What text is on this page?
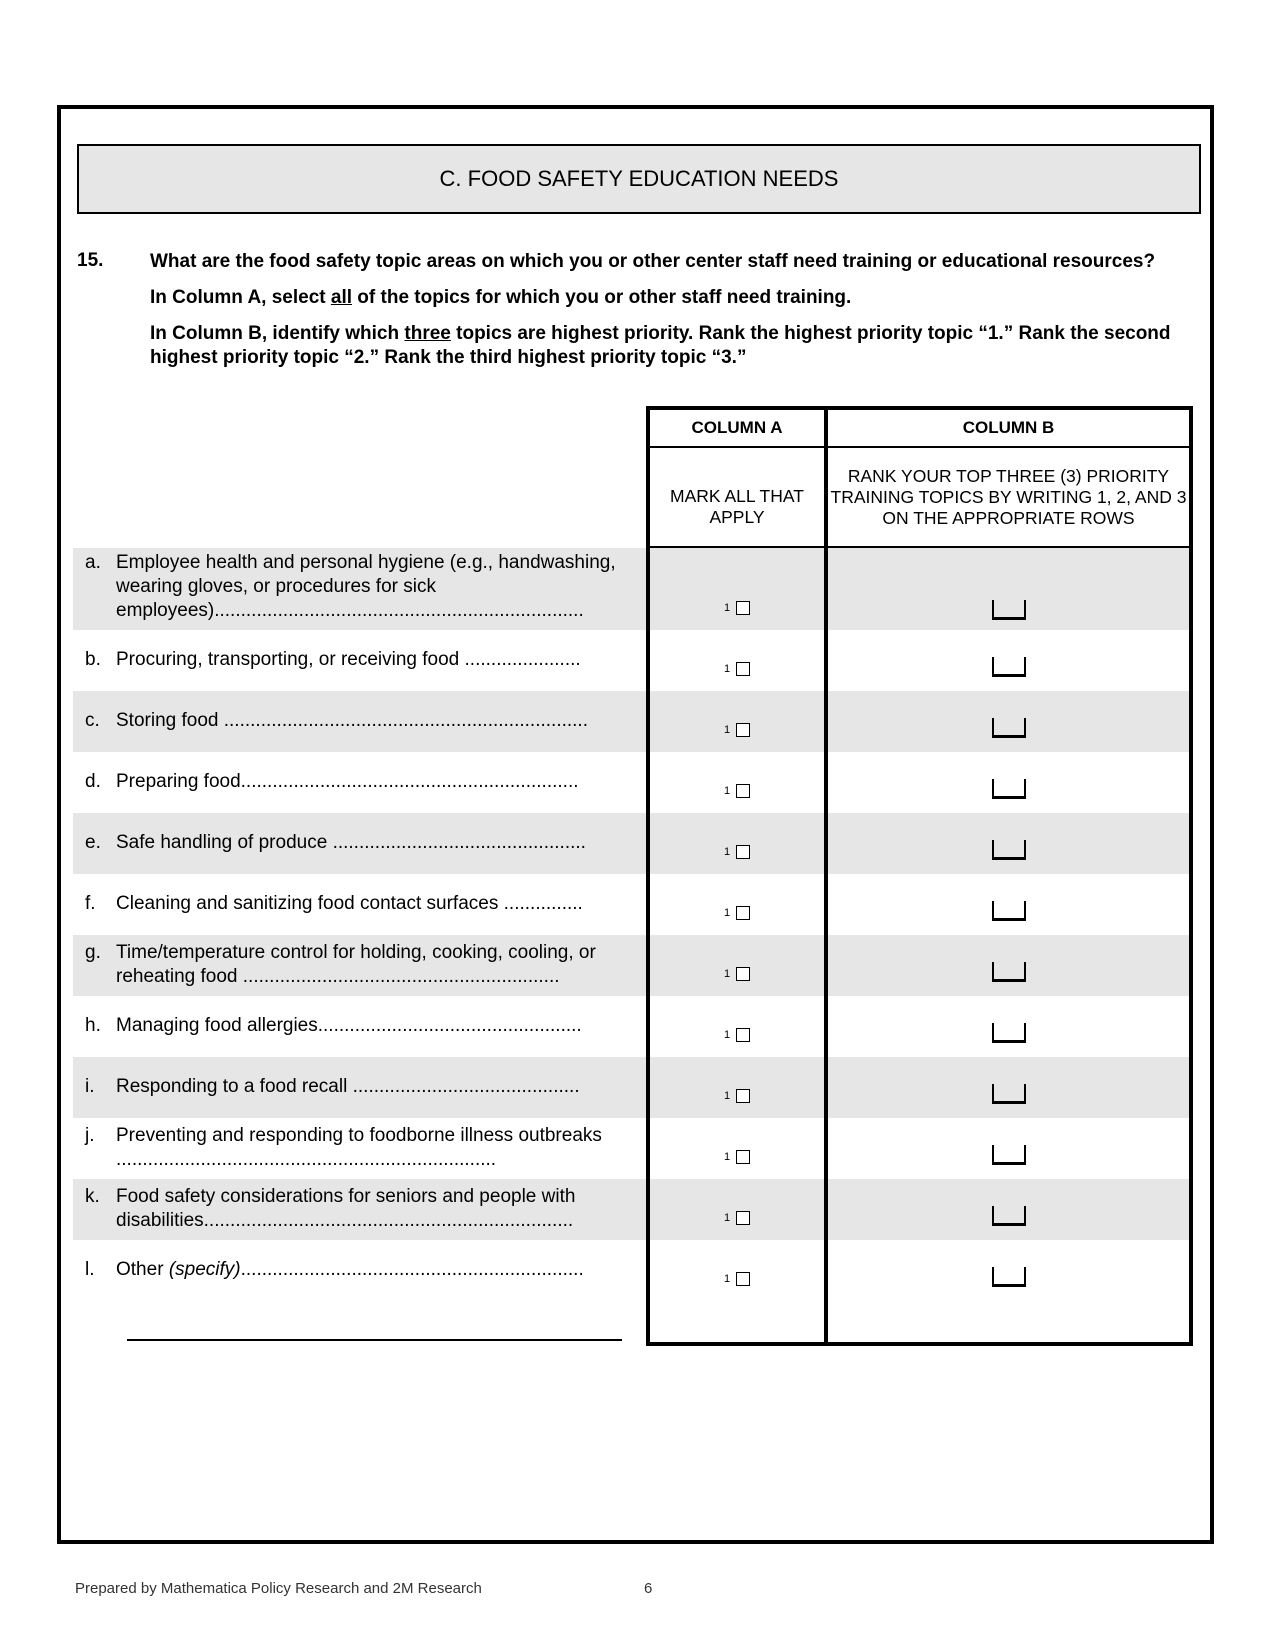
C. FOOD SAFETY EDUCATION NEEDS
15. What are the food safety topic areas on which you or other center staff need training or educational resources?

In Column A, select all of the topics for which you or other staff need training.

In Column B, identify which three topics are highest priority. Rank the highest priority topic “1.” Rank the second highest priority topic “2.” Rank the third highest priority topic “3.”

COLUMN A	COLUMN B
MARK ALL THAT APPLY
RANK YOUR TOP THREE (3) PRIORITY TRAINING TOPICS BY WRITING 1, 2, AND 3 ON THE APPROPRIATE ROWS
a. Employee health and personal hygiene (e.g., handwashing, wearing gloves, or procedures for sick employees)......................................................................	1
b. Procuring, transporting, or receiving food ......................	1
c. Storing food .....................................................................	1
d. Preparing food................................................................	1
e. Safe handling of produce ................................................	1
f. Cleaning and sanitizing food contact surfaces ...............	1
g. Time/temperature control for holding, cooking, cooling, or reheating food ............................................................	1
h. Managing food allergies..................................................	1
i. Responding to a food recall ...........................................	1
j. Preventing and responding to foodborne illness outbreaks ........................................................................	1
k. Food safety considerations for seniors and people with disabilities......................................................................	1
l. Other (specify).................................................................	1
Prepared by Mathematica Policy Research and 2M Research	6
